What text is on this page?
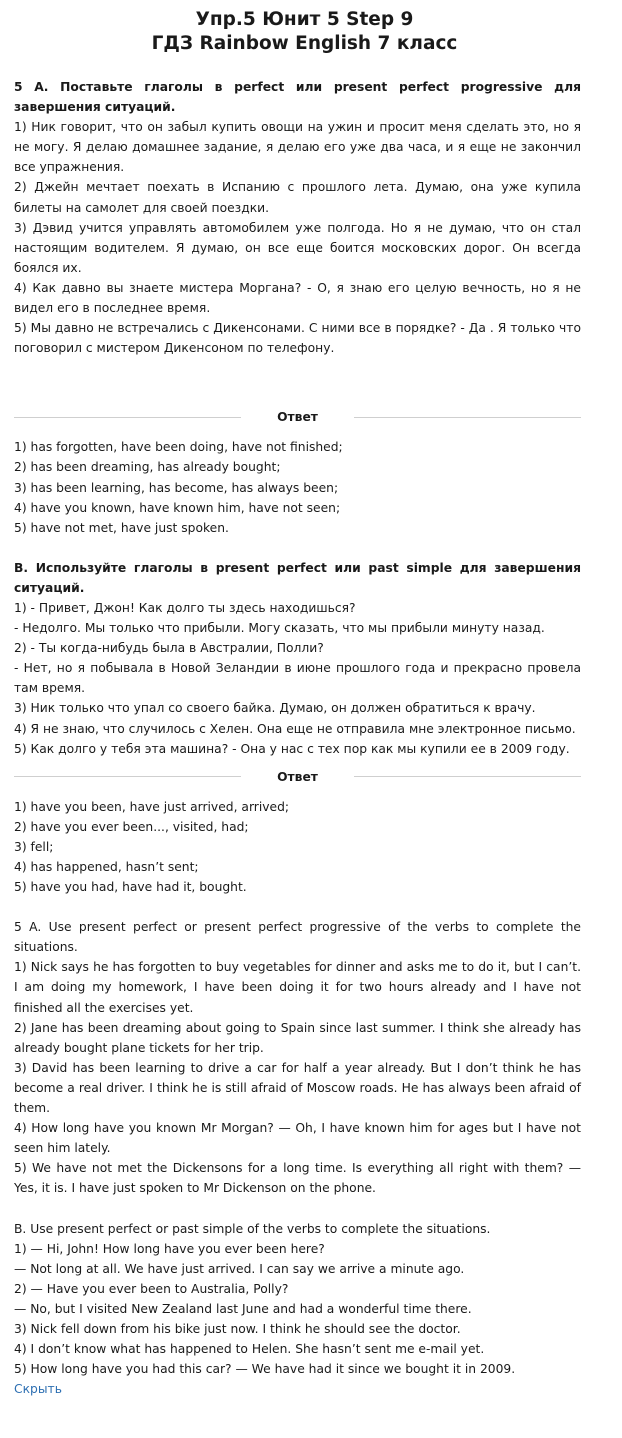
Упр.5 Юнит 5 Step 9
ГДЗ Rainbow English 7 класс

5 А. Поставьте глаголы в perfect или present perfect progressive для завершения ситуаций.

1) Ник говорит, что он забыл купить овощи на ужин и просит меня сделать это, но я не могу. Я делаю домашнее задание, я делаю его уже два часа, и я еще не закончил все упражнения.

2) Джейн мечтает поехать в Испанию с прошлого лета. Думаю, она уже купила билеты на самолет для своей поездки.

3) Дэвид учится управлять автомобилем уже полгода. Но я не думаю, что он стал настоящим водителем. Я думаю, он все еще боится московских дорог. Он всегда боялся их.

4) Как давно вы знаете мистера Моргана? - О, я знаю его целую вечность, но я не видел его в последнее время.

5) Мы давно не встречались с Дикенсонами. С ними все в порядке? - Да . Я только что поговорил с мистером Дикенсоном по телефону.

Ответ

1) has forgotten, have been doing, have not finished;

2) has been dreaming, has already bought;

3) has been learning, has become, has always been;

4) have you known, have known him, have not seen;

5) have not met, have just spoken.

B. Используйте глаголы в present perfect или past simple для завершения ситуаций.

1) - Привет, Джон! Как долго ты здесь находишься?

- Недолго. Мы только что прибыли. Могу сказать, что мы прибыли минуту назад.

2) - Ты когда-нибудь была в Австралии, Полли?

- Нет, но я побывала в Новой Зеландии в июне прошлого года и прекрасно провела там время.

3) Ник только что упал со своего байка. Думаю, он должен обратиться к врачу.

4) Я не знаю, что случилось с Хелен. Она еще не отправила мне электронное письмо.

5) Как долго у тебя эта машина? - Она у нас с тех пор как мы купили ее в 2009 году.

Ответ

1) have you been, have just arrived, arrived;

2) have you ever been..., visited, had;

3) fell;

4) has happened, hasn’t sent;

5) have you had, have had it, bought.

5 A. Use present perfect or present perfect progressive of the verbs to complete the situations.

1) Nick says he has forgotten to buy vegetables for dinner and asks me to do it, but I can’t. I am doing my homework, I have been doing it for two hours already and I have not finished all the exercises yet.

2) Jane has been dreaming about going to Spain since last summer. I think she already has already bought plane tickets for her trip.

3) David has been learning to drive a car for half a year already. But I don’t think he has become a real driver. I think he is still afraid of Moscow roads. He has always been afraid of them.

4) How long have you known Mr Morgan? — Oh, I have known him for ages but I have not seen him lately.

5) We have not met the Dickensons for a long time. Is everything all right with them? — Yes, it is. I have just spoken to Mr Dickenson on the phone.

B. Use present perfect or past simple of the verbs to complete the situations.

1) — Hi, John! How long have you ever been here?

— Not long at all. We have just arrived. I can say we arrive a minute ago.

2) — Have you ever been to Australia, Polly?

— No, but I visited New Zealand last June and had a wonderful time there.

3) Nick fell down from his bike just now. I think he should see the doctor.

4) I don’t know what has happened to Helen. She hasn’t sent me e-mail yet.

5) How long have you had this car? — We have had it since we bought it in 2009.

Скрыть
